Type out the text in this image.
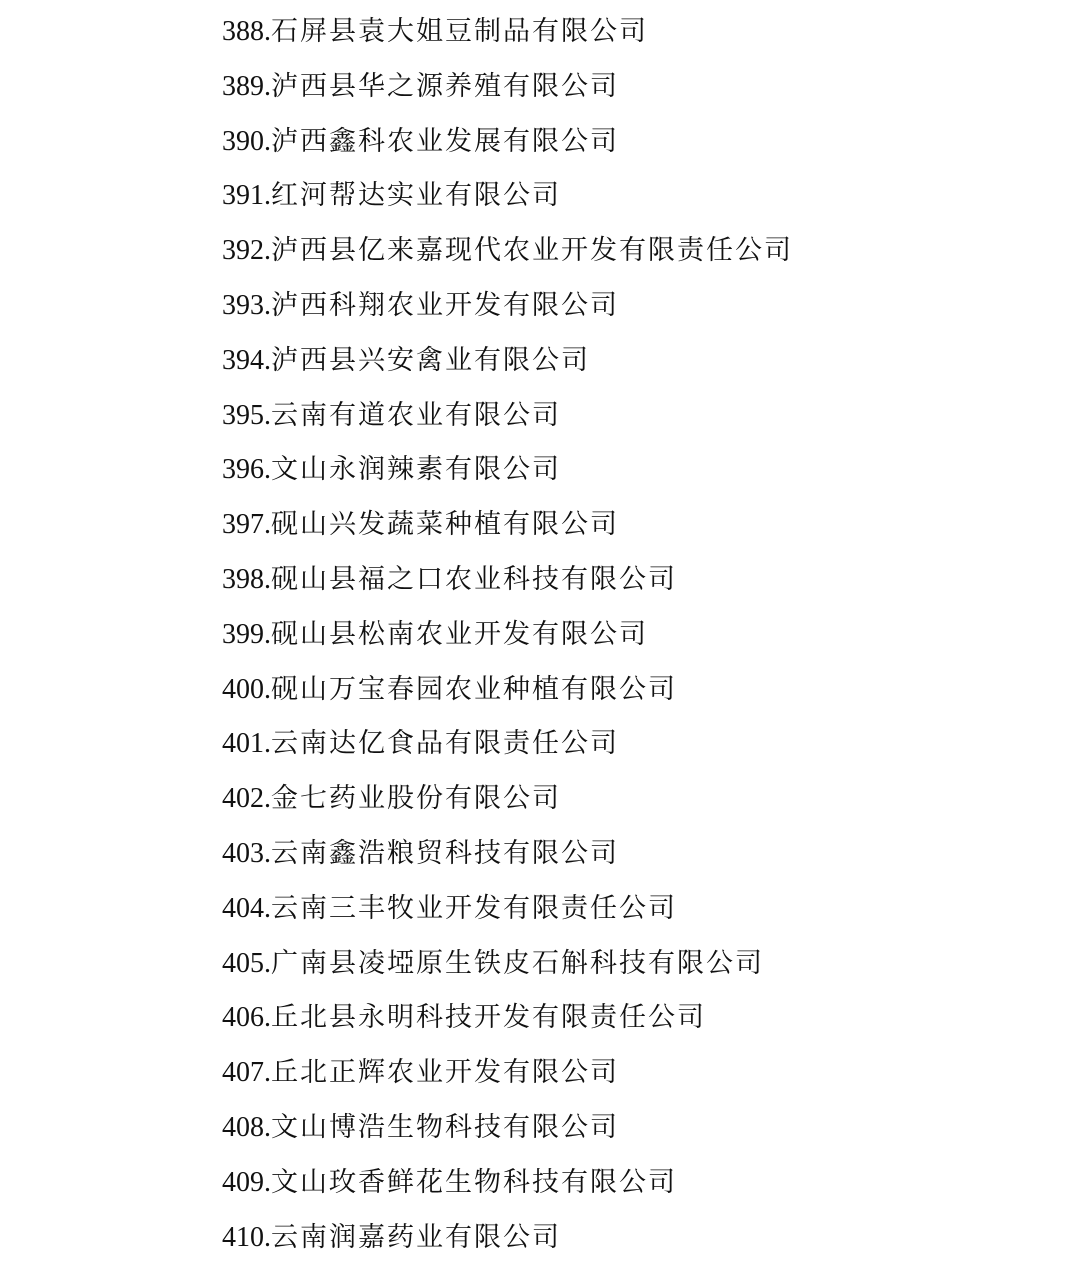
388.石屏县袁大姐豆制品有限公司
389.泸西县华之源养殖有限公司
390.泸西鑫科农业发展有限公司
391.红河帮达实业有限公司
392.泸西县亿来嘉现代农业开发有限责任公司
393.泸西科翔农业开发有限公司
394.泸西县兴安禽业有限公司
395.云南有道农业有限公司
396.文山永润辣素有限公司
397.砚山兴发蔬菜种植有限公司
398.砚山县福之口农业科技有限公司
399.砚山县松南农业开发有限公司
400.砚山万宝春园农业种植有限公司
401.云南达亿食品有限责任公司
402.金七药业股份有限公司
403.云南鑫浩粮贸科技有限公司
404.云南三丰牧业开发有限责任公司
405.广南县凌埡原生铁皮石斛科技有限公司
406.丘北县永明科技开发有限责任公司
407.丘北正辉农业开发有限公司
408.文山博浩生物科技有限公司
409.文山玫香鲜花生物科技有限公司
410.云南润嘉药业有限公司
